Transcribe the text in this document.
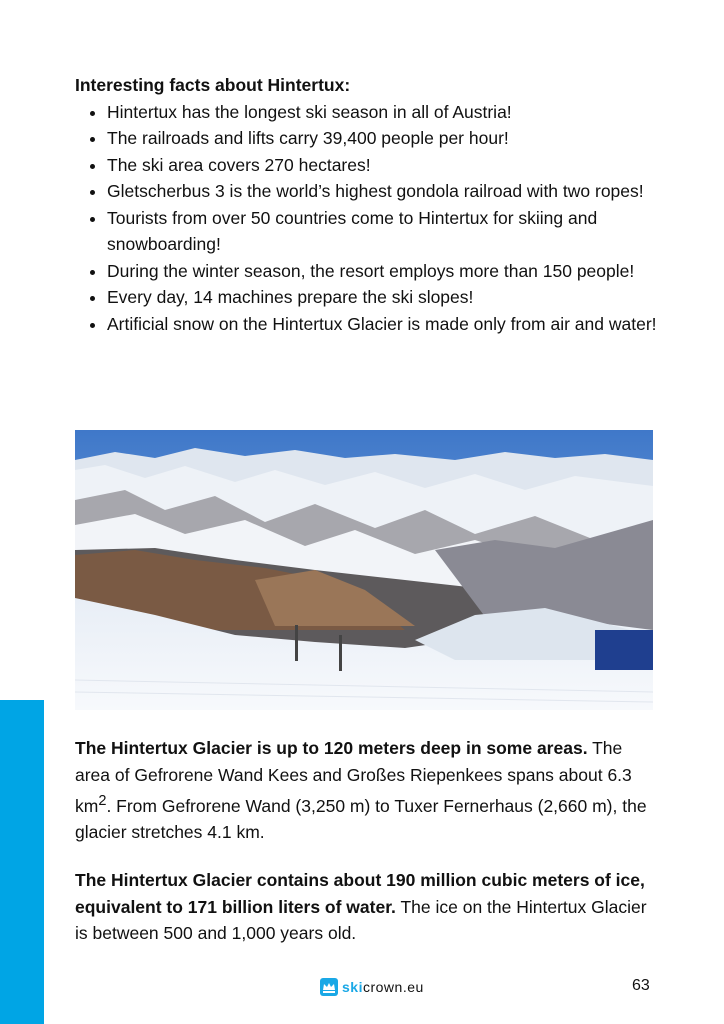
Interesting facts about Hintertux:
• Hintertux has the longest ski season in all of Austria!
• The railroads and lifts carry 39,400 people per hour!
• The ski area covers 270 hectares!
• Gletscherbus 3 is the world’s highest gondola railroad with two ropes!
• Tourists from over 50 countries come to Hintertux for skiing and snowboarding!
• During the winter season, the resort employs more than 150 people!
• Every day, 14 machines prepare the ski slopes!
• Artificial snow on the Hintertux Glacier is made only from air and water!

The Hintertux Glacier is up to 120 meters deep in some areas. The area of Gefrorene Wand Kees and Großes Riepenkees spans about 6.3 $km^2$. From Gefrorene Wand (3,250 m) to Tuxer Fernerhaus (2,660 m), the glacier stretches 4.1 km.

The Hintertux Glacier contains about 190 million cubic meters of ice, equivalent to 171 billion liters of water. The ice on the Hintertux Glacier is between 500 and 1,000 years old.

ski crown.eu	63
